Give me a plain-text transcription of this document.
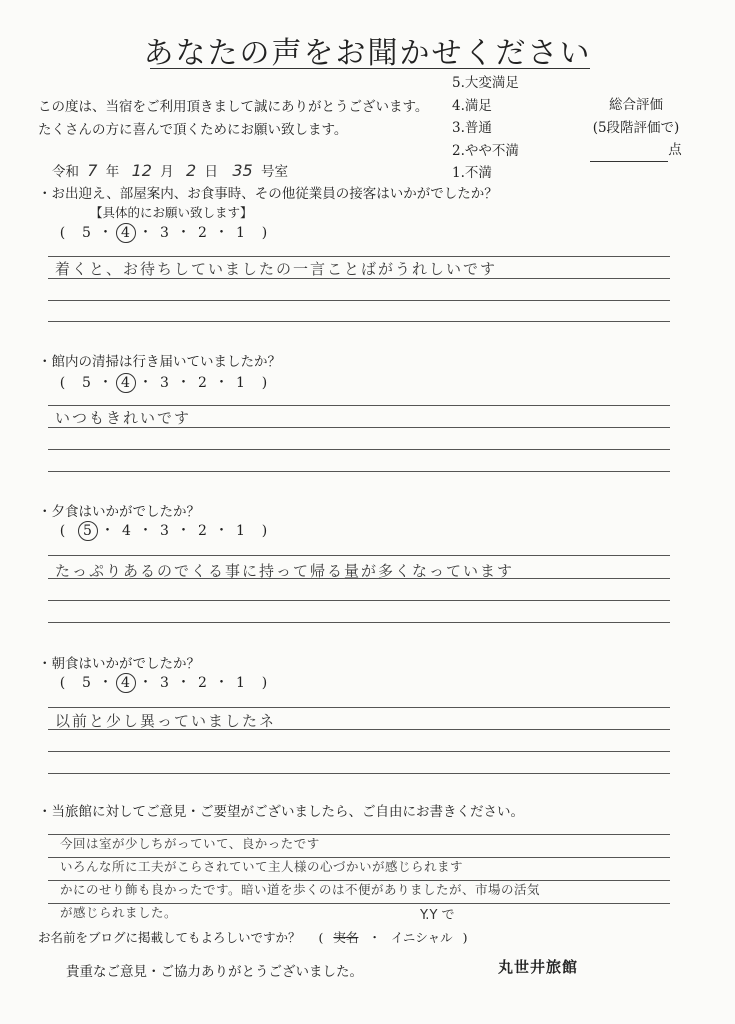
あなたの声をお聞かせください
この度は、当宿をご利用頂きまして誠にありがとうございます。
たくさんの方に喜んで頂くためにお願い致します。
5.大変満足
4.満足
3.普通
2.やや不満
1.不満
総合評価
(5段階評価で)
点
令和 7 年 12 月 2 日 35 号室
・お出迎え、部屋案内、お食事時、その他従業員の接客はいかがでしたか？
【具体的にお願い致します】
( 5 ・ 4 ・ 3 ・ 2 ・ 1 )
着くと、お待ちしていましたの一言ことばがうれしいです
・館内の清掃は行き届いていましたか？
( 5 ・ 4 ・ 3 ・ 2 ・ 1 )
いつもきれいです
・夕食はいかがでしたか？
( 5 ・ 4 ・ 3 ・ 2 ・ 1 )
たっぷりあるのでくる事に持って帰る量が多くなっています
・朝食はいかがでしたか？
( 5 ・ 4 ・ 3 ・ 2 ・ 1 )
以前と少し異っていましたネ
・当旅館に対してご意見・ご要望がございましたら、ご自由にお書きください。
今回は室が少しちがっていて、良かったです
いろんな所に工夫がこらされていて主人様の心づかいが感じられます
かにのせり飾も良かったです。暗い道を歩くのは不便がありましたが、市場の活気
が感じられました。	Y.Y で
お名前をブログに掲載してもよろしいですか？ ( 実名 ・ イニシャル )
貴重なご意見・ご協力ありがとうございました。	丸世井旅館
